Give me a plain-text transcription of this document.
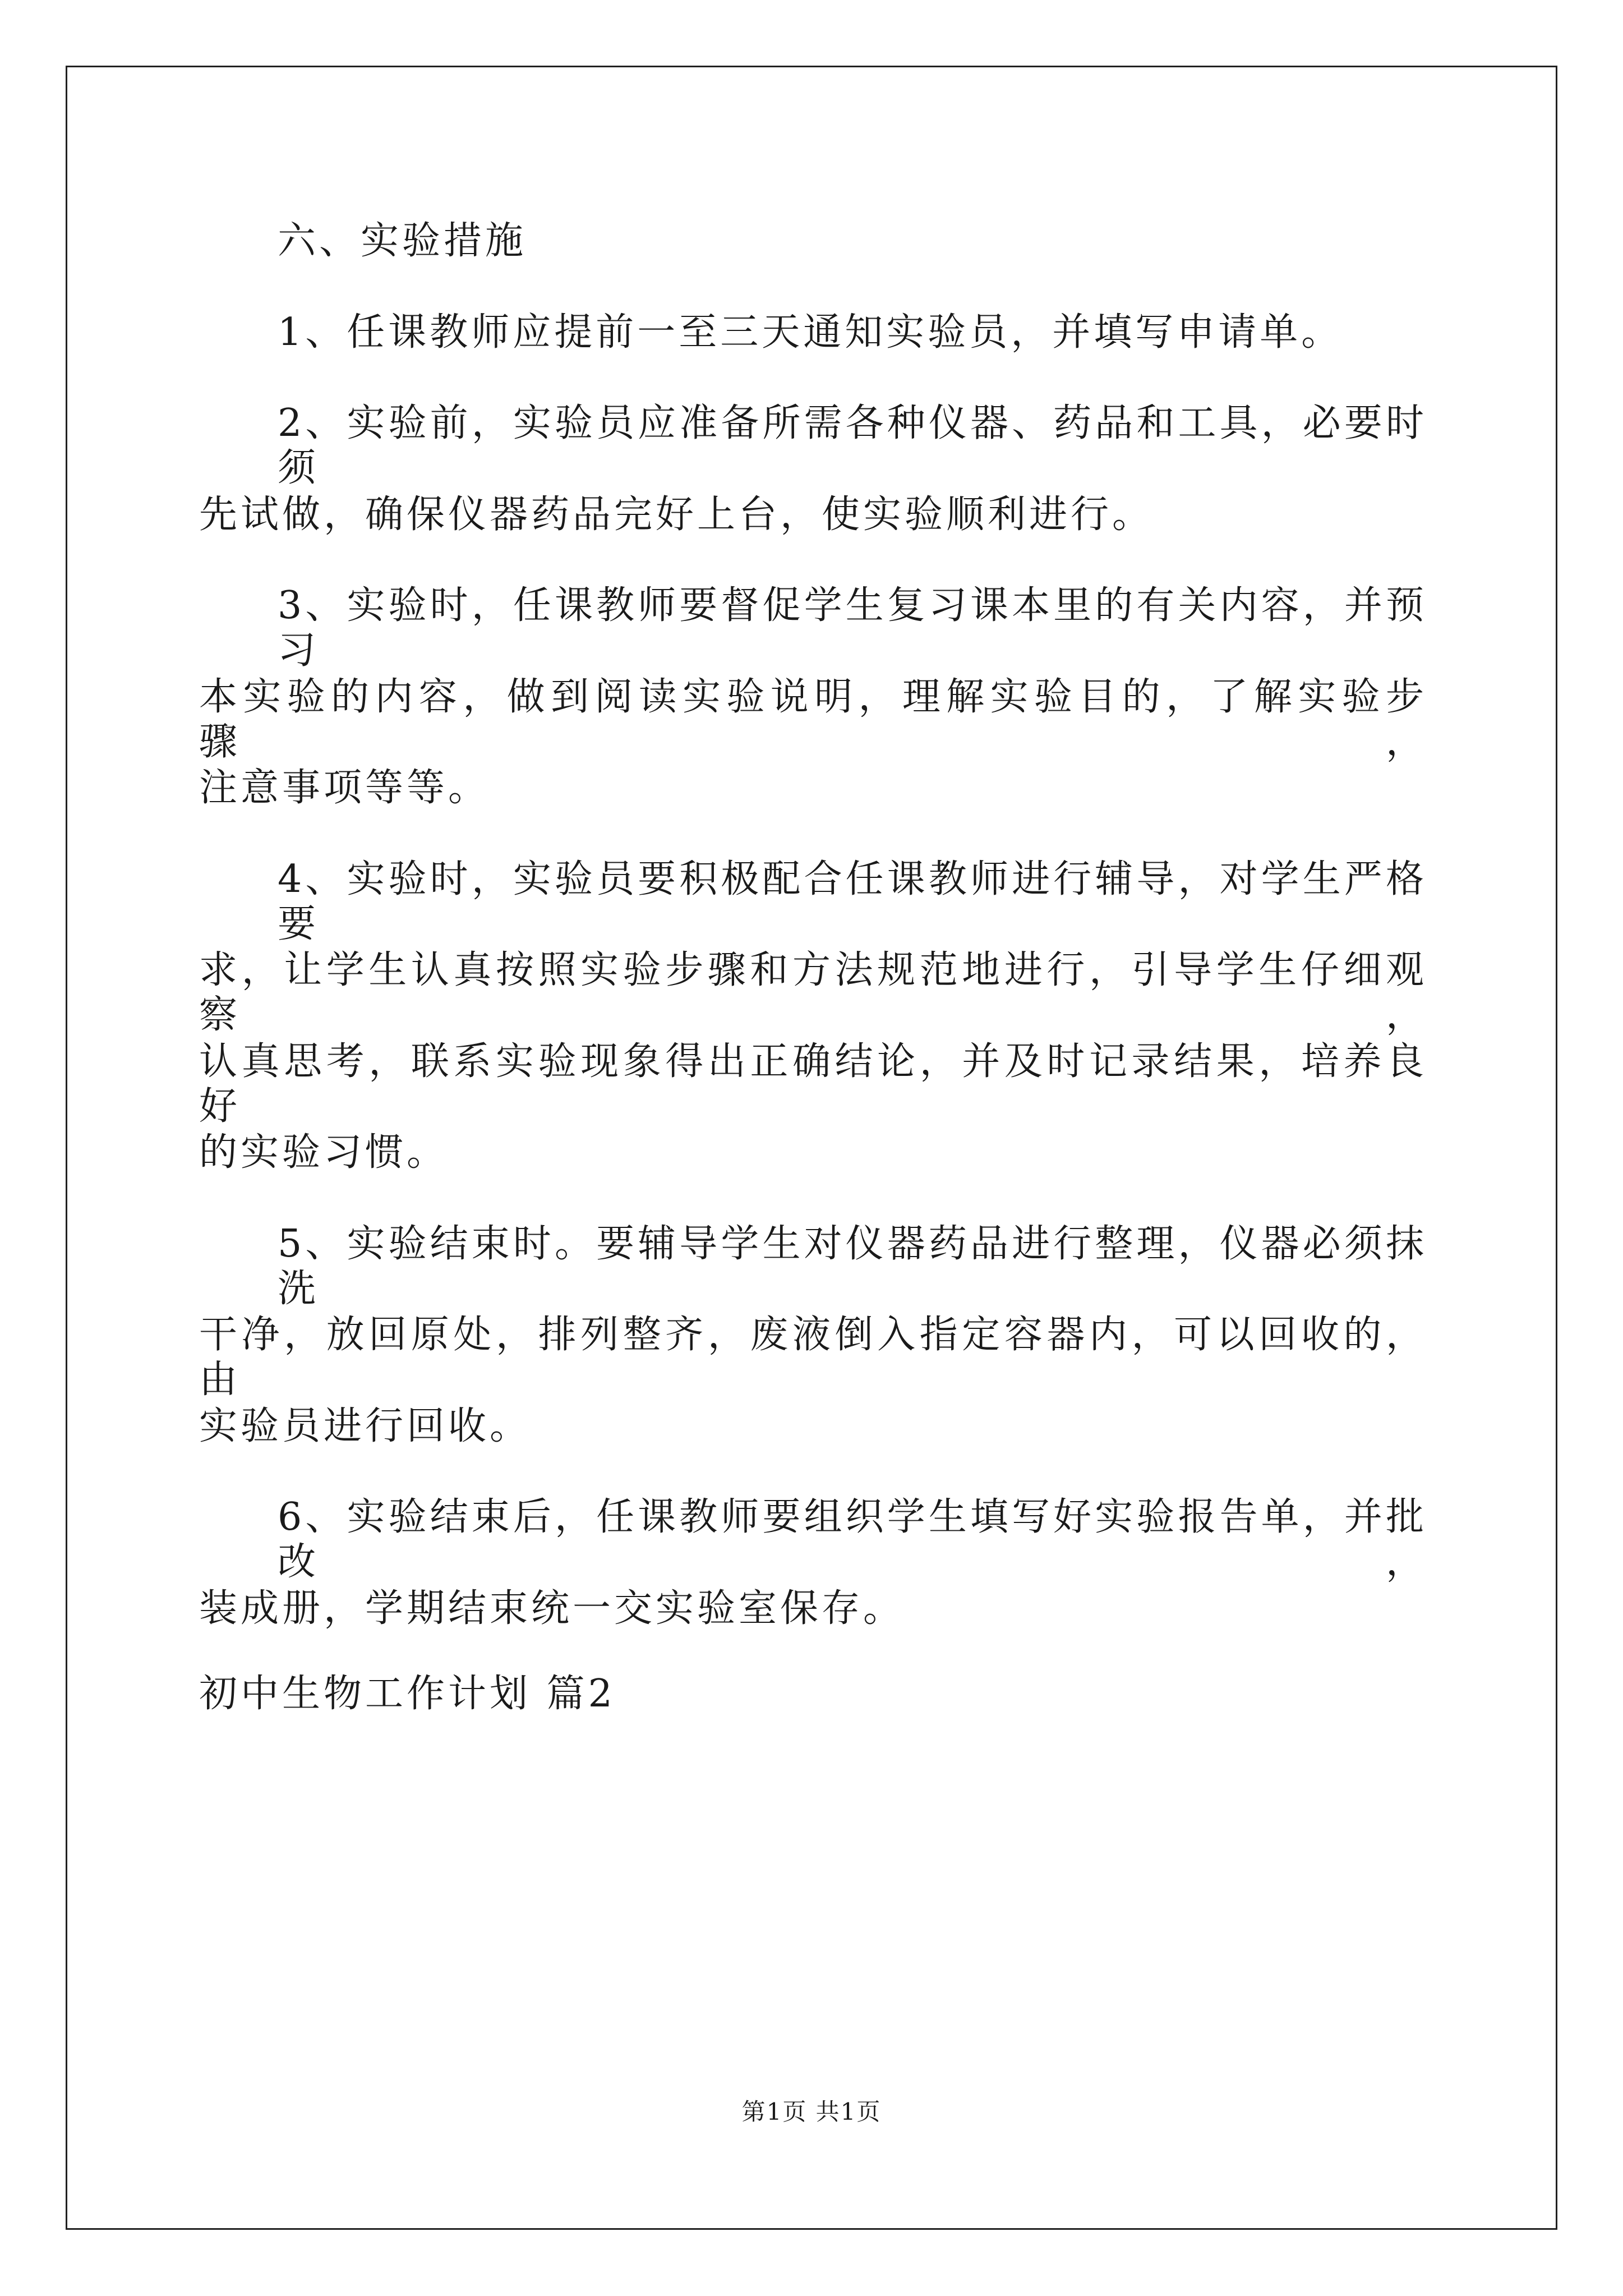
六、实验措施
1、任课教师应提前一至三天通知实验员，并填写申请单。
2、实验前，实验员应准备所需各种仪器、药品和工具，必要时须
先试做，确保仪器药品完好上台，使实验顺利进行。
3、实验时，任课教师要督促学生复习课本里的有关内容，并预习
本实验的内容，做到阅读实验说明，理解实验目的，了解实验步骤，
注意事项等等。
4、实验时，实验员要积极配合任课教师进行辅导，对学生严格要
求，让学生认真按照实验步骤和方法规范地进行，引导学生仔细观察，
认真思考，联系实验现象得出正确结论，并及时记录结果，培养良好
的实验习惯。
5、实验结束时。要辅导学生对仪器药品进行整理，仪器必须抹洗
干净，放回原处，排列整齐，废液倒入指定容器内，可以回收的，由
实验员进行回收。
6、实验结束后，任课教师要组织学生填写好实验报告单，并批改，
装成册，学期结束统一交实验室保存。
初中生物工作计划 篇2
第1页 共1页
